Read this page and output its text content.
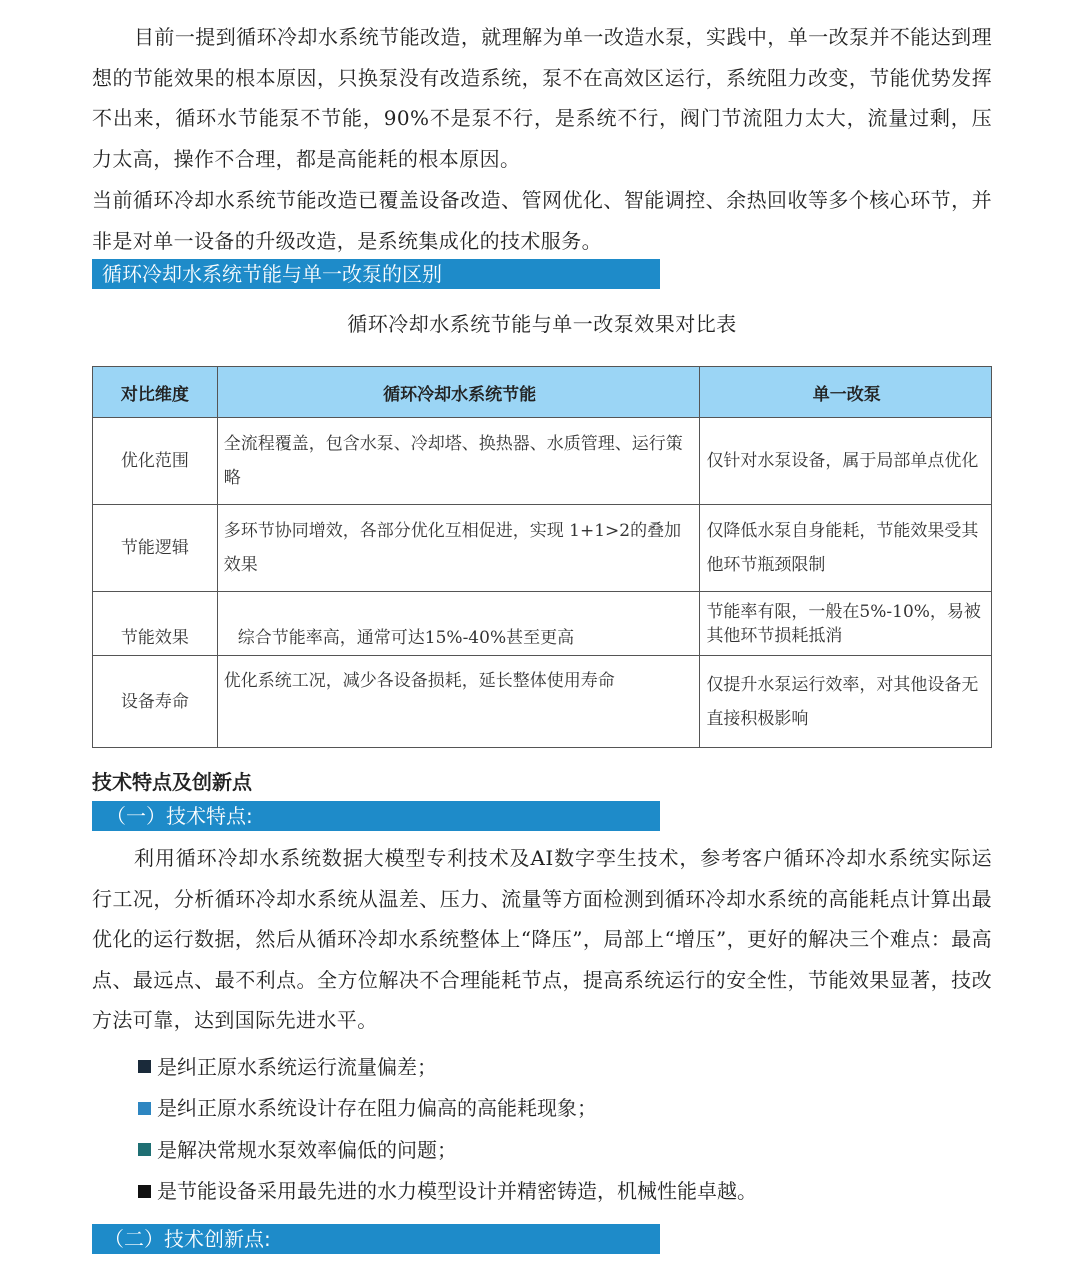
目前一提到循环冷却水系统节能改造，就理解为单一改造水泵，实践中，单一改泵并不能达到理想的节能效果的根本原因，只换泵没有改造系统，泵不在高效区运行，系统阻力改变，节能优势发挥不出来，循环水节能泵不节能，90%不是泵不行，是系统不行，阀门节流阻力太大，流量过剩，压力太高，操作不合理，都是高能耗的根本原因。

当前循环冷却水系统节能改造已覆盖设备改造、管网优化、智能调控、余热回收等多个核心环节，并非是对单一设备的升级改造，是系统集成化的技术服务。

循环冷却水系统节能与单一改泵的区别
循环冷却水系统节能与单一改泵效果对比表
对比维度	循环冷却水系统节能	单一改泵
优化范围	全流程覆盖，包含水泵、冷却塔、换热器、水质管理、运行策略	仅针对水泵设备，属于局部单点优化
节能逻辑	多环节协同增效，各部分优化互相促进，实现 1+1>2的叠加效果	仅降低水泵自身能耗，节能效果受其他环节瓶颈限制
节能效果	综合节能率高，通常可达15%-40%甚至更高	节能率有限，一般在5%-10%，易被其他环节损耗抵消
设备寿命	优化系统工况，减少各设备损耗，延长整体使用寿命	仅提升水泵运行效率，对其他设备无直接积极影响
技术特点及创新点
（一）技术特点:

利用循环冷却水系统数据大模型专利技术及AI数字孪生技术，参考客户循环冷却水系统实际运行工况，分析循环冷却水系统从温差、压力、流量等方面检测到循环冷却水系统的高能耗点计算出最优化的运行数据，然后从循环冷却水系统整体上“降压”，局部上“增压”，更好的解决三个难点：最高点、最远点、最不利点。全方位解决不合理能耗节点，提高系统运行的安全性，节能效果显著，技改方法可靠，达到国际先进水平。

是纠正原水系统运行流量偏差；
是纠正原水系统设计存在阻力偏高的高能耗现象；
是解决常规水泵效率偏低的问题；
是节能设备采用最先进的水力模型设计并精密铸造，机械性能卓越。
（二）技术创新点:
